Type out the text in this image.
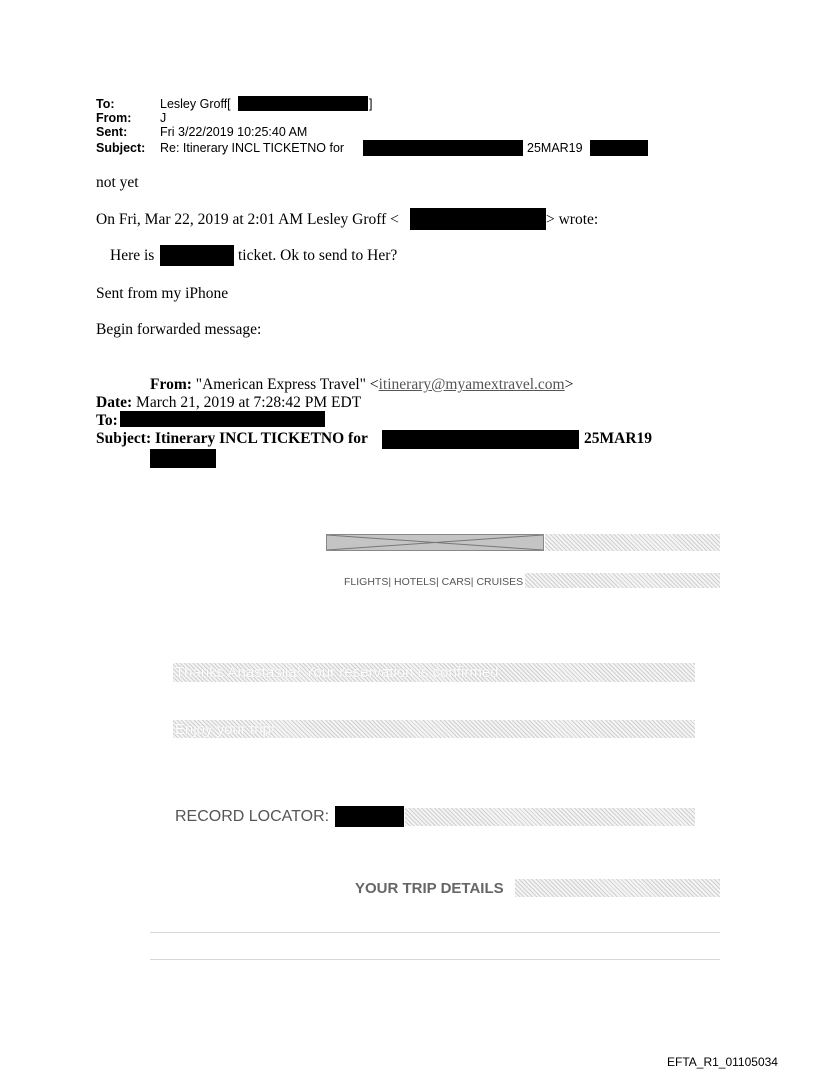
To:	Lesley Groff[	]
From: J
Sent:	Fri 3/22/2019 10:25:40 AM
Subject: Re: Itinerary INCL TICKETNO for	25MAR19
not yet
On Fri, Mar 22, 2019 at 2:01 AM Lesley Groff <	> wrote:
Here is	ticket. Ok to send to Her?
Sent from my iPhone
Begin forwarded message:
From: "American Express Travel" <itinerary@myamextravel.com>
Date: March 21, 2019 at 7:28:42 PM EDT
To:
Subject: Itinerary INCL TICKETNO for	25MAR19
FLIGHTS| HOTELS| CARS| CRUISES
Thanks Anastasiia! Your reservation is confirmed.
Enjoy your trip!
RECORD LOCATOR:
YOUR TRIP DETAILS
EFTA_R1_01105034
